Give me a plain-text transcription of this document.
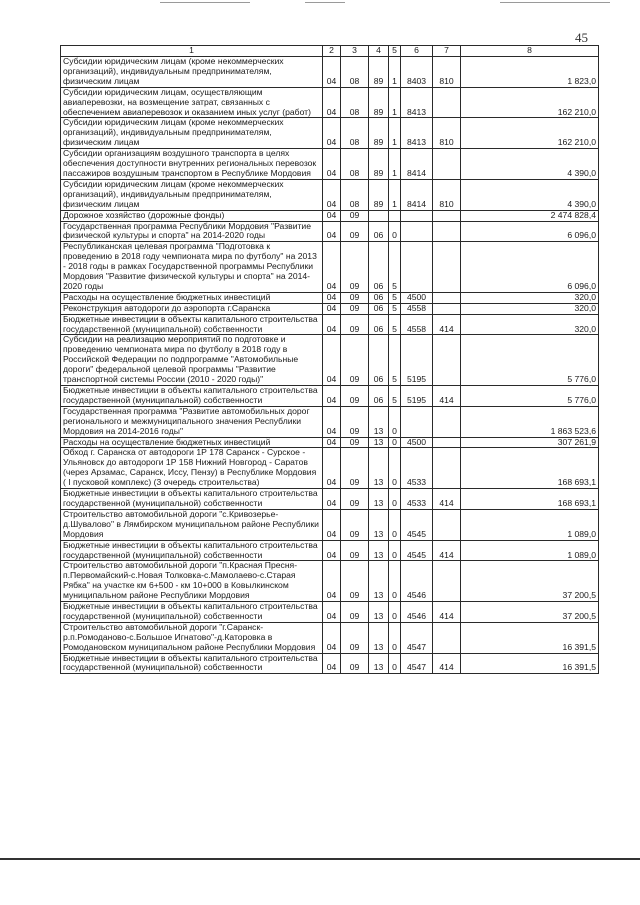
45
1	2	3	4	5	6	7	8
Субсидии юридическим лицам (кроме некоммерческих организаций), индивидуальным предпринимателям, физическим лицам	04	08	89	1	8403	810	1 823,0
Субсидии юридическим лицам, осуществляющим авиаперевозки, на возмещение затрат, связанных с обеспечением авиаперевозок и оказанием иных услуг (работ)	04	08	89	1	8413		162 210,0
Субсидии юридическим лицам (кроме некоммерческих организаций), индивидуальным предпринимателям, физическим лицам	04	08	89	1	8413	810	162 210,0
Субсидии организациям воздушного транспорта в целях обеспечения доступности внутренних региональных перевозок пассажиров воздушным транспортом в Республике Мордовия	04	08	89	1	8414		4 390,0
Субсидии юридическим лицам (кроме некоммерческих организаций), индивидуальным предпринимателям, физическим лицам	04	08	89	1	8414	810	4 390,0
Дорожное хозяйство (дорожные фонды)	04	09					2 474 828,4
Государственная программа Республики Мордовия "Развитие физической культуры и спорта" на 2014-2020 годы	04	09	06	0			6 096,0
Республиканская целевая программа "Подготовка к проведению в 2018 году чемпионата мира по футболу" на 2013 - 2018 годы в рамках Государственной программы Республики Мордовия "Развитие физической культуры и спорта" на 2014-2020 годы	04	09	06	5			6 096,0
Расходы на осуществление бюджетных инвестиций	04	09	06	5	4500		320,0
Реконструкция автодороги до аэропорта г.Саранска	04	09	06	5	4558		320,0
Бюджетные инвестиции в объекты капитального строительства государственной (муниципальной) собственности	04	09	06	5	4558	414	320,0
Субсидии на реализацию мероприятий по подготовке и проведению чемпионата мира по футболу в 2018 году в Российской Федерации по подпрограмме "Автомобильные дороги" федеральной целевой программы "Развитие транспортной системы России (2010 - 2020 годы)"	04	09	06	5	5195		5 776,0
Бюджетные инвестиции в объекты капитального строительства государственной (муниципальной) собственности	04	09	06	5	5195	414	5 776,0
Государственная программа "Развитие автомобильных дорог регионального и межмуниципального значения Республики Мордовия на 2014-2016 годы"	04	09	13	0			1 863 523,6
Расходы на осуществление бюджетных инвестиций	04	09	13	0	4500		307 261,9
Обход г. Саранска от автодороги 1Р 178 Саранск - Сурское - Ульяновск до автодороги 1Р 158 Нижний Новгород - Саратов (через Арзамас, Саранск, Иссу, Пензу) в Республике Мордовия ( I пусковой комплекс) (3 очередь строительства)	04	09	13	0	4533		168 693,1
Бюджетные инвестиции в объекты капитального строительства государственной (муниципальной) собственности	04	09	13	0	4533	414	168 693,1
Строительство автомобильной дороги "с.Кривозерье-д.Шувалово" в Лямбирском муниципальном районе Республики Мордовия	04	09	13	0	4545		1 089,0
Бюджетные инвестиции в объекты капитального строительства государственной (муниципальной) собственности	04	09	13	0	4545	414	1 089,0
Строительство автомобильной дороги "п.Красная Пресня-п.Первомайский-с.Новая Толковка-с.Мамолаево-с.Старая Рябка" на участке км 6+500 - км 10+000 в Ковылкинском муниципальном районе Республики Мордовия	04	09	13	0	4546		37 200,5
Бюджетные инвестиции в объекты капитального строительства государственной (муниципальной) собственности	04	09	13	0	4546	414	37 200,5
Строительство автомобильной дороги "г.Саранск-р.п.Ромоданово-с.Большое Игнатово"-д.Каторовка в Ромодановском муниципальном районе Республики Мордовия	04	09	13	0	4547		16 391,5
Бюджетные инвестиции в объекты капитального строительства государственной (муниципальной) собственности	04	09	13	0	4547	414	16 391,5
